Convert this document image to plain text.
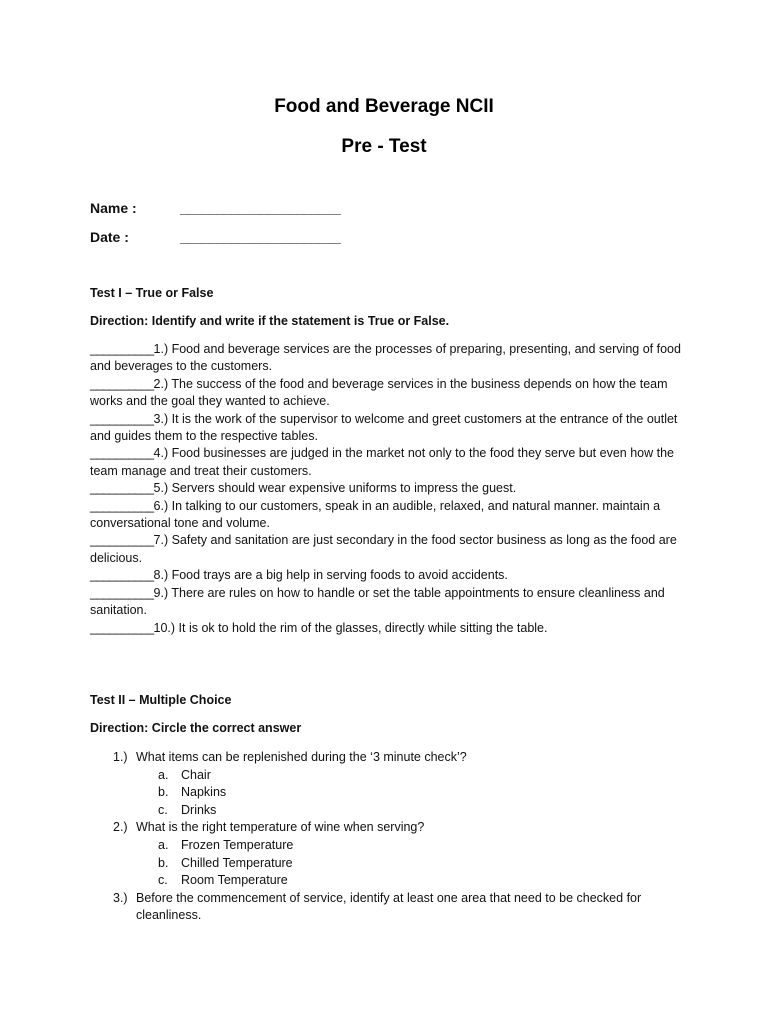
Food and Beverage NCII
Pre - Test
Name :	______________________
Date :	______________________
Test I – True or False
Direction: Identify and write if the statement is True or False.

__________1.) Food and beverage services are the processes of preparing, presenting, and serving of food and beverages to the customers.

__________2.) The success of the food and beverage services in the business depends on how the team works and the goal they wanted to achieve.

__________3.) It is the work of the supervisor to welcome and greet customers at the entrance of the outlet and guides them to the respective tables.

__________4.) Food businesses are judged in the market not only to the food they serve but even how the team manage and treat their customers.

__________5.) Servers should wear expensive uniforms to impress the guest.

__________6.) In talking to our customers, speak in an audible, relaxed, and natural manner. maintain a conversational tone and volume.

__________7.) Safety and sanitation are just secondary in the food sector business as long as the food are delicious.

__________8.) Food trays are a big help in serving foods to avoid accidents.

__________9.) There are rules on how to handle or set the table appointments to ensure cleanliness and sanitation.

__________10.) It is ok to hold the rim of the glasses, directly while sitting the table.

Test II – Multiple Choice
Direction: Circle the correct answer
1.) What items can be replenished during the ‘3 minute check’?
a.	Chair
b.	Napkins
c.	Drinks
2.) What is the right temperature of wine when serving?
a.	Frozen Temperature
b.	Chilled Temperature
c.	Room Temperature
3.) Before the commencement of service, identify at least one area that need to be checked for cleanliness.
